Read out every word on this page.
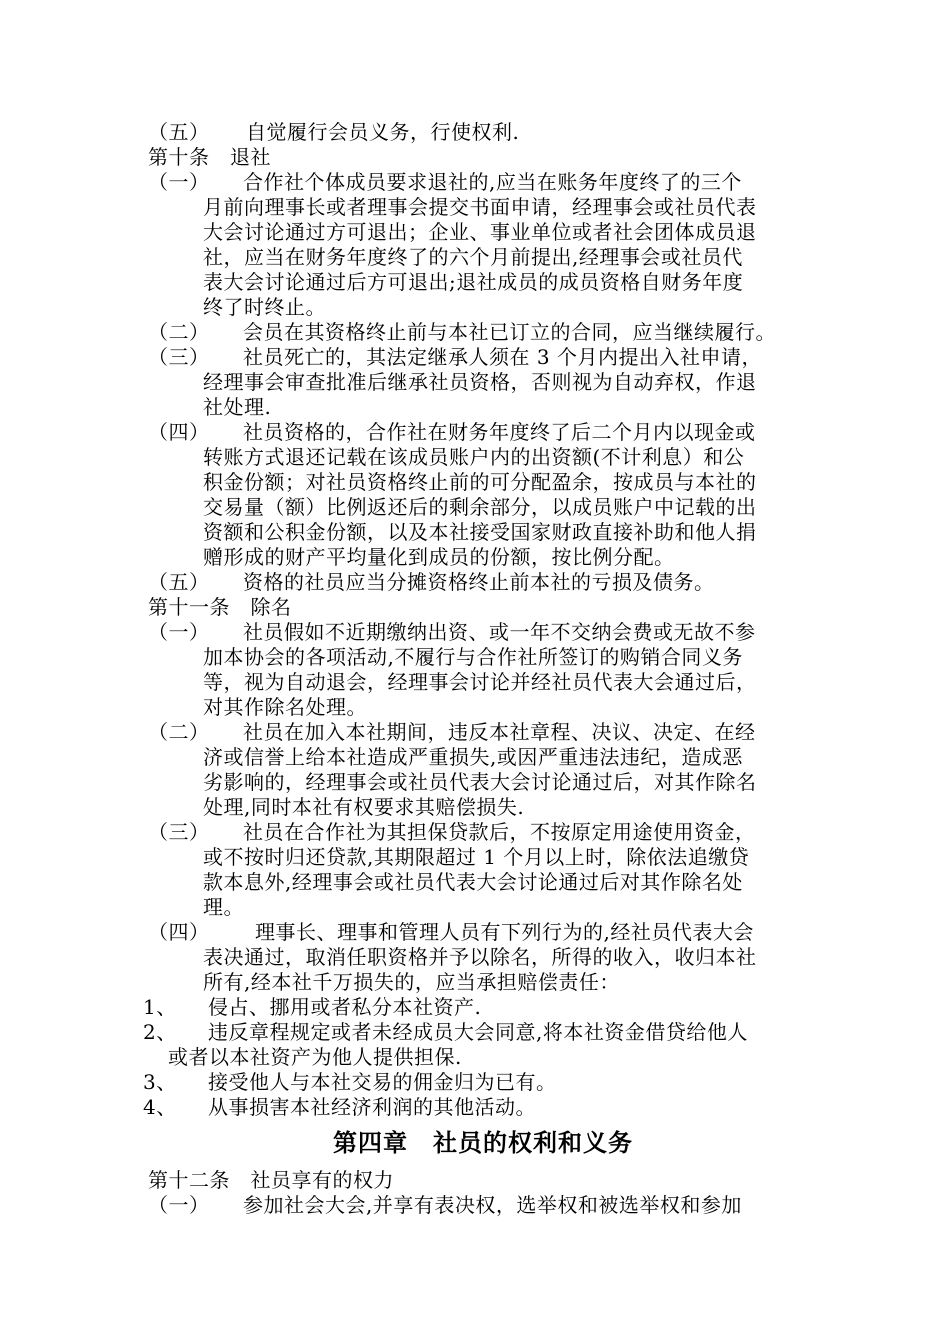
（五）	自觉履行会员义务，行使权利.
第十条　退社
（一）	合作社个体成员要求退社的,应当在账务年度终了的三个
月前向理事长或者理事会提交书面申请，经理事会或社员代表
大会讨论通过方可退出；企业、事业单位或者社会团体成员退
社，应当在财务年度终了的六个月前提出,经理事会或社员代
表大会讨论通过后方可退出;退社成员的成员资格自财务年度
终了时终止。
（二）	会员在其资格终止前与本社已订立的合同，应当继续履行。
（三）	社员死亡的，其法定继承人须在 3 个月内提出入社申请，
经理事会审查批准后继承社员资格，否则视为自动弃权，作退
社处理.
（四）	社员资格的，合作社在财务年度终了后二个月内以现金或
转账方式退还记载在该成员账户内的出资额(不计利息）和公
积金份额；对社员资格终止前的可分配盈余，按成员与本社的
交易量（额）比例返还后的剩余部分，以成员账户中记载的出
资额和公积金份额，以及本社接受国家财政直接补助和他人捐
赠形成的财产平均量化到成员的份额，按比例分配。
（五）	资格的社员应当分摊资格终止前本社的亏损及债务。
第十一条　除名
（一）	社员假如不近期缴纳出资、或一年不交纳会费或无故不参
加本协会的各项活动,不履行与合作社所签订的购销合同义务
等，视为自动退会，经理事会讨论并经社员代表大会通过后，
对其作除名处理。
（二）	社员在加入本社期间，违反本社章程、决议、决定、在经
济或信誉上给本社造成严重损失,或因严重违法违纪，造成恶
劣影响的，经理事会或社员代表大会讨论通过后，对其作除名
处理,同时本社有权要求其赔偿损失.
（三）	社员在合作社为其担保贷款后，不按原定用途使用资金，
或不按时归还贷款,其期限超过 1 个月以上时，除依法追缴贷
款本息外,经理事会或社员代表大会讨论通过后对其作除名处
理。
（四）	理事长、理事和管理人员有下列行为的,经社员代表大会
表决通过，取消任职资格并予以除名，所得的收入，收归本社
所有,经本社千万损失的，应当承担赔偿责任：
1、	侵占、挪用或者私分本社资产.
2、	违反章程规定或者未经成员大会同意,将本社资金借贷给他人
或者以本社资产为他人提供担保.
3、	接受他人与本社交易的佣金归为已有。
4、	从事损害本社经济利润的其他活动。
第四章　社员的权利和义务
第十二条　社员享有的权力
（一）	参加社会大会,并享有表决权，选举权和被选举权和参加
